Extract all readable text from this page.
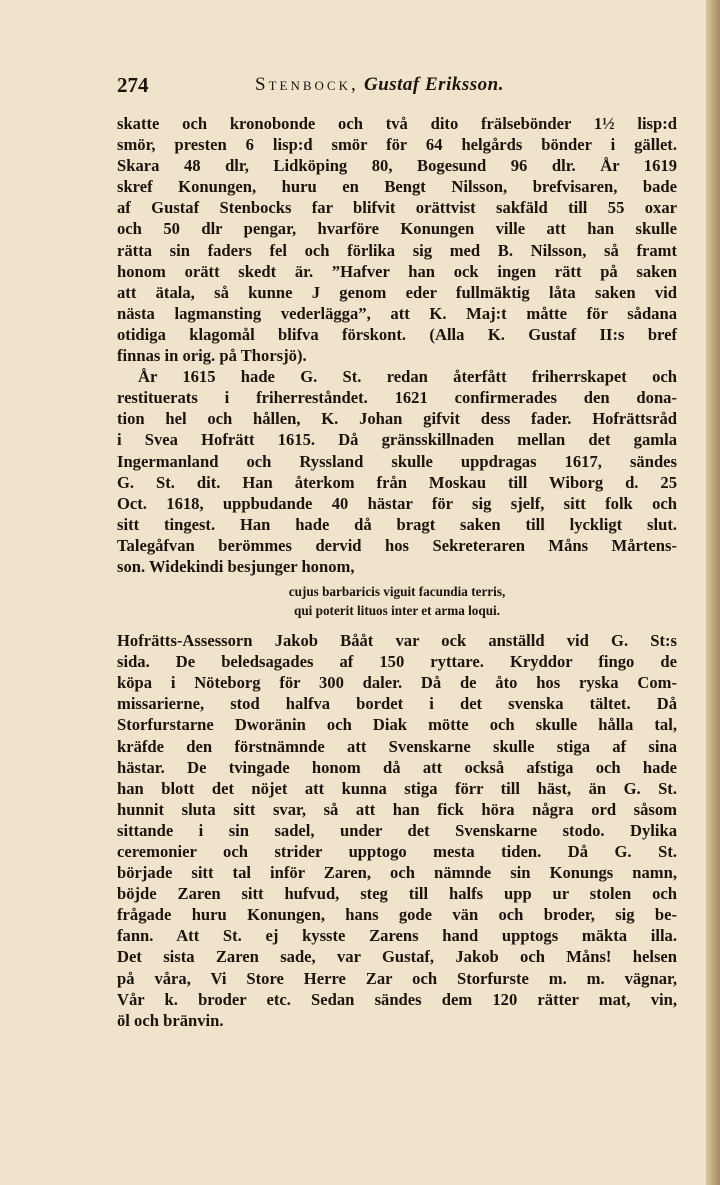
274	Stenbock, Gustaf Eriksson.
skatte och kronobonde och två dito frälsebönder 1½ lisp:d
smör, presten 6 lisp:d smör för 64 helgårds bönder i gället.
Skara 48 dlr, Lidköping 80, Bogesund 96 dlr. År 1619
skref Konungen, huru en Bengt Nilsson, brefvisaren, bade
af Gustaf Stenbocks far blifvit orättvist sakfäld till 55 oxar
och 50 dlr pengar, hvarföre Konungen ville att han skulle
rätta sin faders fel och förlika sig med B. Nilsson, så framt
honom orätt skedt är. ”Hafver han ock ingen rätt på saken
att ätala, så kunne J genom eder fullmäktig låta saken vid
nästa lagmansting vederlägga”, att K. Maj:t måtte för sådana
otidiga klagomål blifva förskont. (Alla K. Gustaf II:s bref
finnas in orig. på Thorsjö).
År 1615 hade G. St. redan återfått friherrskapet och
restituerats i friherreståndet. 1621 confirmerades den dona-
tion hel och hållen, K. Johan gifvit dess fader. Hofrättsråd
i Svea Hofrätt 1615. Då gränsskillnaden mellan det gamla
Ingermanland och Ryssland skulle uppdragas 1617, sändes
G. St. dit. Han återkom från Moskau till Wiborg d. 25
Oct. 1618, uppbudande 40 hästar för sig sjelf, sitt folk och
sitt tingest. Han hade då bragt saken till lyckligt slut.
Talegåfvan berömmes dervid hos Sekreteraren Måns Mårtens-
son. Widekindi besjunger honom,
cujus barbaricis viguit facundia terris,
qui poterit lituos inter et arma loqui.
Hofrätts-Assessorn Jakob Bååt var ock anställd vid G. St:s
sida. De beledsagades af 150 ryttare. Kryddor fingo de
köpa i Nöteborg för 300 daler. Då de åto hos ryska Com-
missarierne, stod halfva bordet i det svenska tältet. Då
Storfurstarne Dworänin och Diak mötte och skulle hålla tal,
kräfde den förstnämnde att Svenskarne skulle stiga af sina
hästar. De tvingade honom då att också afstiga och hade
han blott det nöjet att kunna stiga förr till häst, än G. St.
hunnit sluta sitt svar, så att han fick höra några ord såsom
sittande i sin sadel, under det Svenskarne stodo. Dylika
ceremonier och strider upptogo mesta tiden. Då G. St.
började sitt tal inför Zaren, och nämnde sin Konungs namn,
böjde Zaren sitt hufvud, steg till halfs upp ur stolen och
frågade huru Konungen, hans gode vän och broder, sig be-
fann. Att St. ej kysste Zarens hand upptogs mäkta illa.
Det sista Zaren sade, var Gustaf, Jakob och Måns! helsen
på våra, Vi Store Herre Zar och Storfurste m. m. vägnar,
Vår k. broder etc. Sedan sändes dem 120 rätter mat, vin,
öl och bränvin.
